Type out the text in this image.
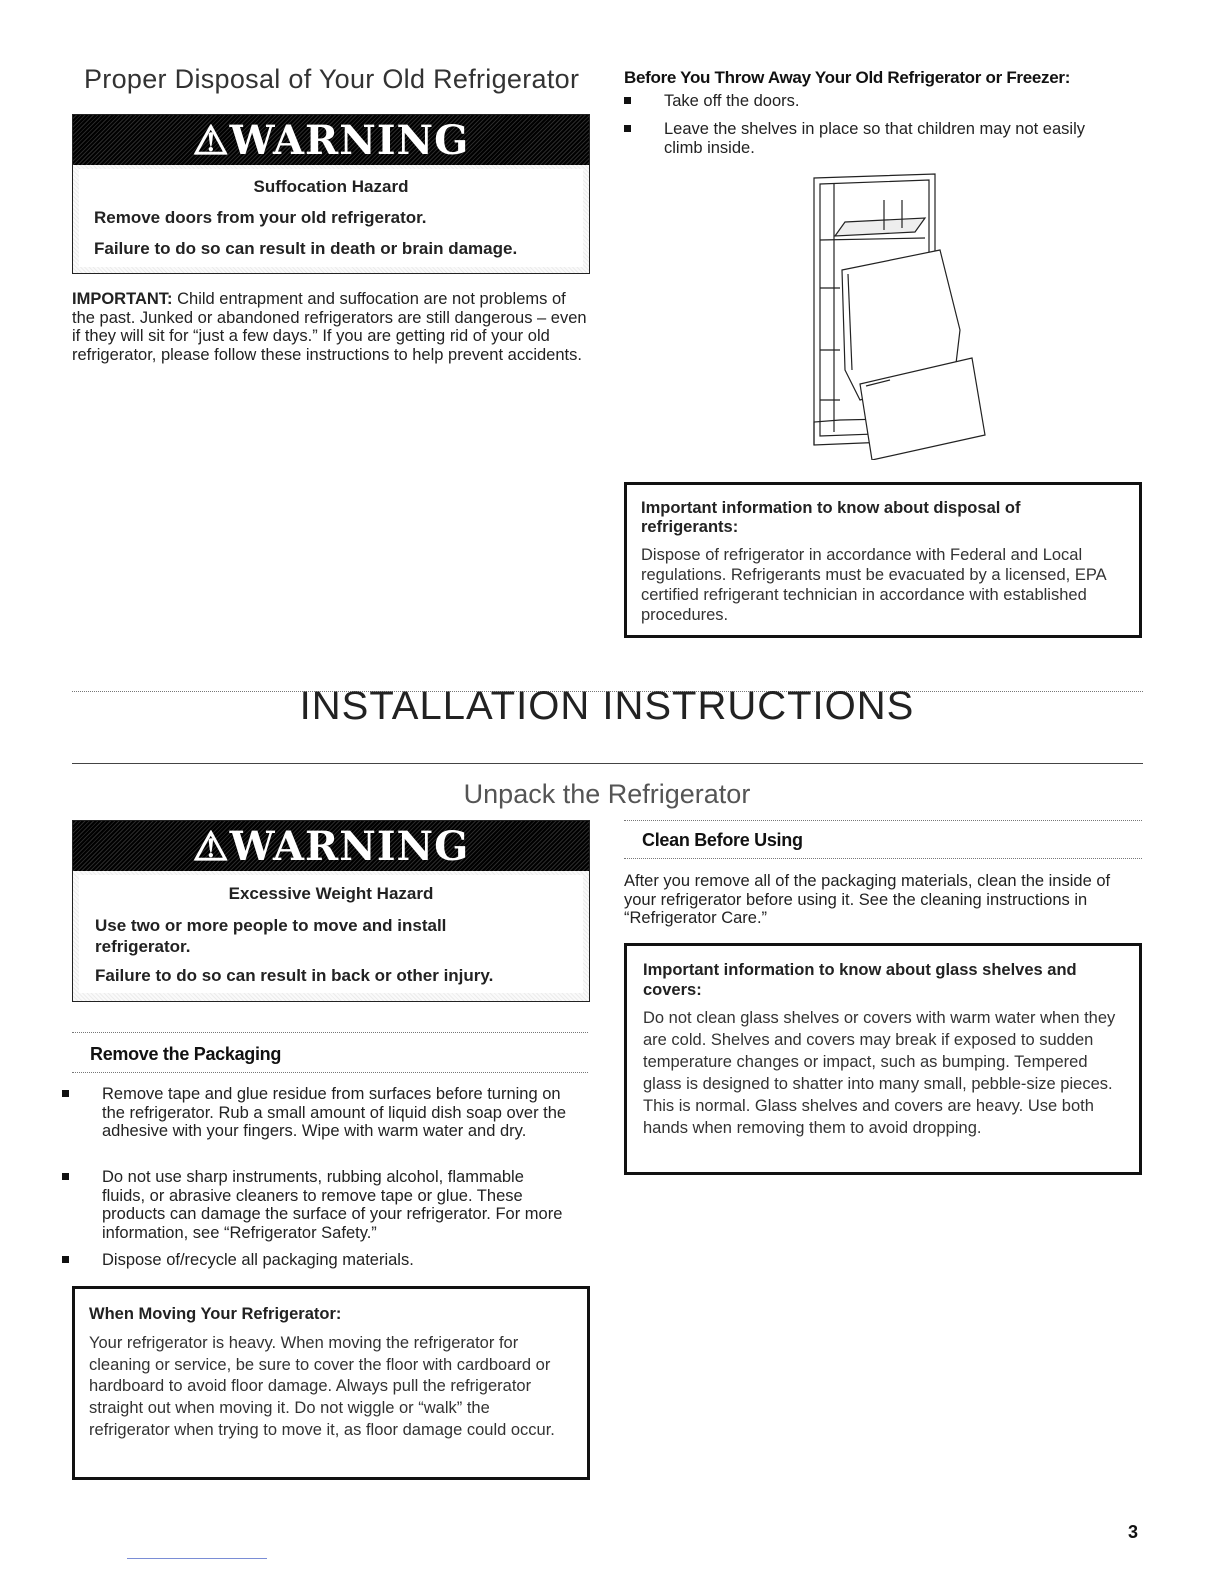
Proper Disposal of Your Old Refrigerator
⚠WARNING
Suffocation Hazard
Remove doors from your old refrigerator.
Failure to do so can result in death or brain damage.
IMPORTANT: Child entrapment and suffocation are not problems of the past. Junked or abandoned refrigerators are still dangerous – even if they will sit for “just a few days.” If you are getting rid of your old refrigerator, please follow these instructions to help prevent accidents.
Before You Throw Away Your Old Refrigerator or Freezer:
Take off the doors.
Leave the shelves in place so that children may not easily climb inside.
Important information to know about disposal of refrigerants:
Dispose of refrigerator in accordance with Federal and Local regulations. Refrigerants must be evacuated by a licensed, EPA certified refrigerant technician in accordance with established procedures.
INSTALLATION INSTRUCTIONS
Unpack the Refrigerator
⚠WARNING
Excessive Weight Hazard
Use two or more people to move and install refrigerator.
Failure to do so can result in back or other injury.
Remove the Packaging
Remove tape and glue residue from surfaces before turning on the refrigerator. Rub a small amount of liquid dish soap over the adhesive with your fingers. Wipe with warm water and dry.
Do not use sharp instruments, rubbing alcohol, flammable fluids, or abrasive cleaners to remove tape or glue. These products can damage the surface of your refrigerator. For more information, see “Refrigerator Safety.”
Dispose of/recycle all packaging materials.
When Moving Your Refrigerator:
Your refrigerator is heavy. When moving the refrigerator for cleaning or service, be sure to cover the floor with cardboard or hardboard to avoid floor damage. Always pull the refrigerator straight out when moving it. Do not wiggle or “walk” the refrigerator when trying to move it, as floor damage could occur.
Clean Before Using
After you remove all of the packaging materials, clean the inside of your refrigerator before using it. See the cleaning instructions in “Refrigerator Care.”
Important information to know about glass shelves and covers:
Do not clean glass shelves or covers with warm water when they are cold. Shelves and covers may break if exposed to sudden temperature changes or impact, such as bumping. Tempered glass is designed to shatter into many small, pebble-size pieces. This is normal. Glass shelves and covers are heavy. Use both hands when removing them to avoid dropping.
3
